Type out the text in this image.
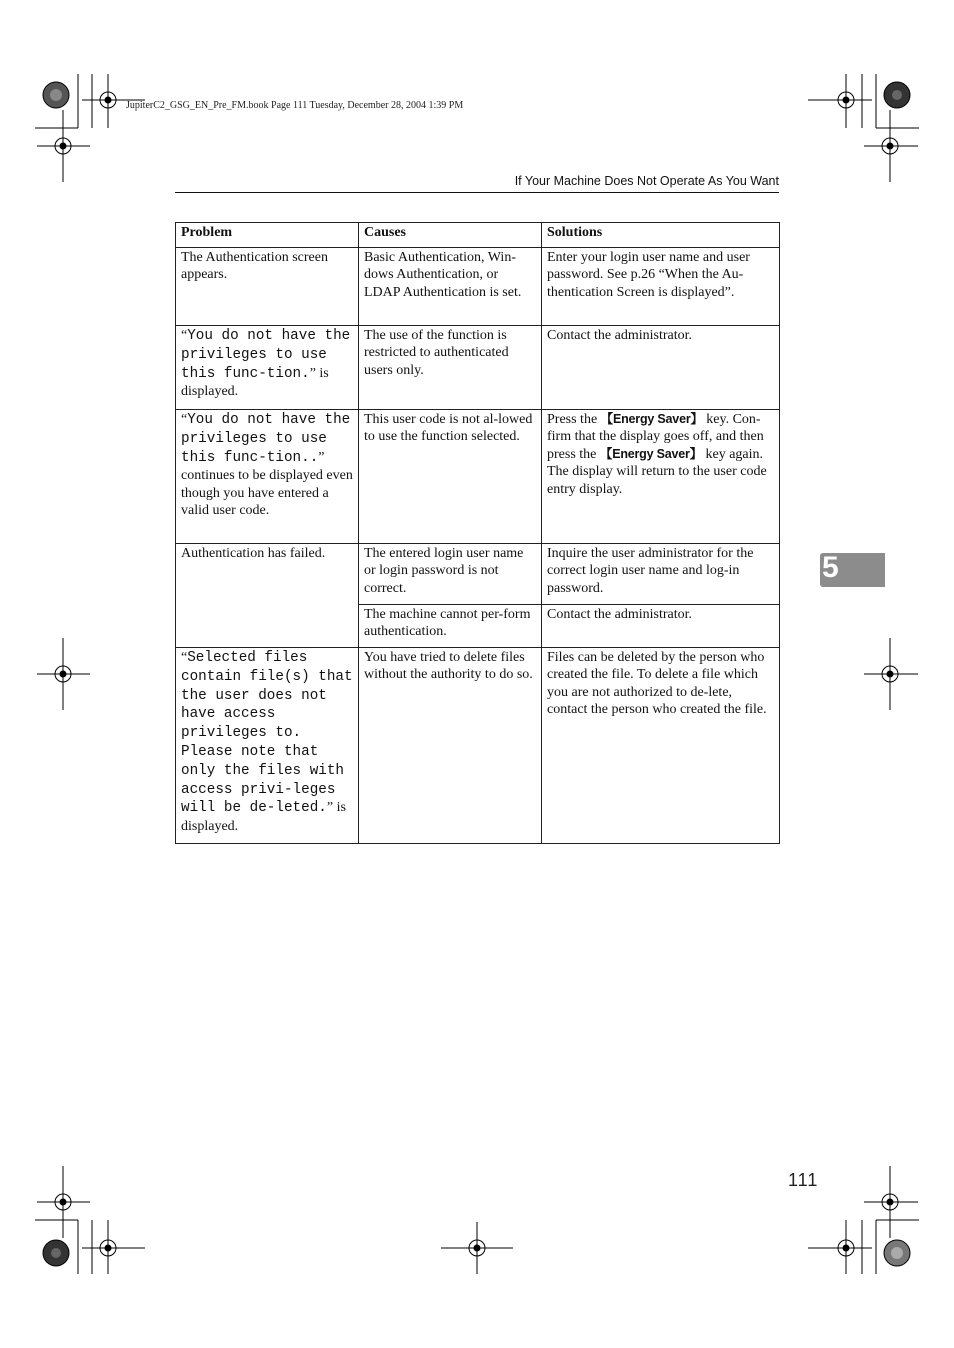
JupiterC2_GSG_EN_Pre_FM.book Page 111 Tuesday, December 28, 2004 1:39 PM
If Your Machine Does Not Operate As You Want
Problem	Causes	Solutions
The Authentication screen appears.	Basic Authentication, Win-dows Authentication, or LDAP Authentication is set.	Enter your login user name and user password. See p.26 “When the Au-thentication Screen is displayed”.
“You do not have the privileges to use this func-tion.” is displayed.	The use of the function is restricted to authenticated users only.	Contact the administrator.
“You do not have the privileges to use this func-tion..” continues to be displayed even though you have entered a valid user code.	This user code is not al-lowed to use the function selected.	Press the 【Energy Saver】 key. Con-firm that the display goes off, and then press the 【Energy Saver】 key again. The display will return to the user code entry display.
Authentication has failed.	The entered login user name or login password is not correct.	Inquire the user administrator for the correct login user name and log-in password.
	The machine cannot per-form authentication.	Contact the administrator.
“Selected files contain file(s) that the user does not have access privileges to. Please note that only the files with access privi-leges will be de-leted.” is displayed.	You have tried to delete files without the authority to do so.	Files can be deleted by the person who created the file. To delete a file which you are not authorized to de-lete, contact the person who created the file.
5
111
